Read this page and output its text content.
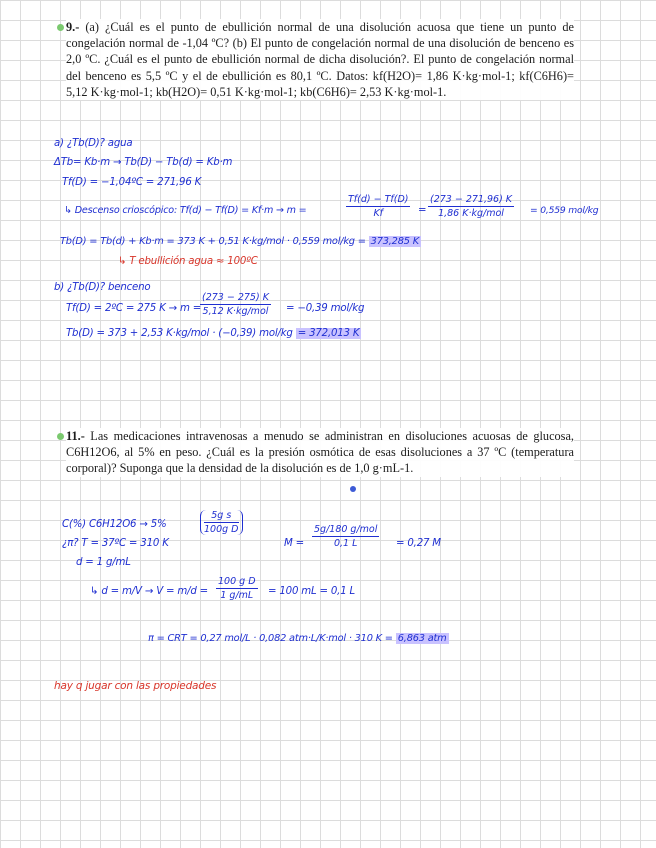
9.- (a) ¿Cuál es el punto de ebullición normal de una disolución acuosa que tiene un punto de congelación normal de -1,04 ºC? (b) El punto de congelación normal de una disolución de benceno es 2,0 ºC. ¿Cuál es el punto de ebullición normal de dicha disolución?. El punto de congelación normal del benceno es 5,5 ºC y el de ebullición es 80,1 ºC. Datos: kf(H2O)= 1,86 K·kg·mol-1; kf(C6H6)= 5,12 K·kg·mol-1; kb(H2O)= 0,51 K·kg·mol-1; kb(C6H6)= 2,53 K·kg·mol-1.
a) ¿Tb(D)? agua
ΔTb= Kb·m → Tb(D) − Tb(d) = Kb·m
Tf(D) = −1,04ºC = 271,96 K
↳ Descenso crioscópico: Tf(d) − Tf(D) = Kf·m → m =	$\frac{Tf(d) - Tf(D)}{Kf}$ =
(273 − 271,96) K
1,86 K·kg/mol	= 0,559 mol/kg
Tb(D) = Tb(d) + Kb·m = 373 K + 0,51 K·kg/mol · 0,559 mol/kg = 373,285 K
↳ T ebullición agua ≈ 100ºC
b) ¿Tb(D)? benceno
Tf(D) = 2ºC = 275 K → m =
(273 − 275) K
5,12 K·kg/mol = −0,39 mol/kg
Tb(D) = 373 + 2,53 K·kg/mol · (−0,39) mol/kg = 372,013 K
11.- Las medicaciones intravenosas a menudo se administran en disoluciones acuosas de glucosa, C6H12O6, al 5% en peso. ¿Cuál es la presión osmótica de esas disoluciones a 37 ºC (temperatura corporal)? Suponga que la densidad de la disolución es de 1,0 g·mL-1.
C(%) C6H12O6 → 5%	$\frac{\text{5g s}}{\text{100g D}}$
¿π? T = 37ºC = 310 K
d = 1 g/mL
↳ $d = m/V \to V = m/d = \frac{\text{100 g D}}{1 g/mL} = 100$ mL = 0,1 L
M =
5g/180 g/mol
0,1 L	= 0,27 M
π = CRT = 0,27 mol/L · 0,082 atm·L/K·mol · 310 K = 6,863 atm
hay q jugar con las propiedades
